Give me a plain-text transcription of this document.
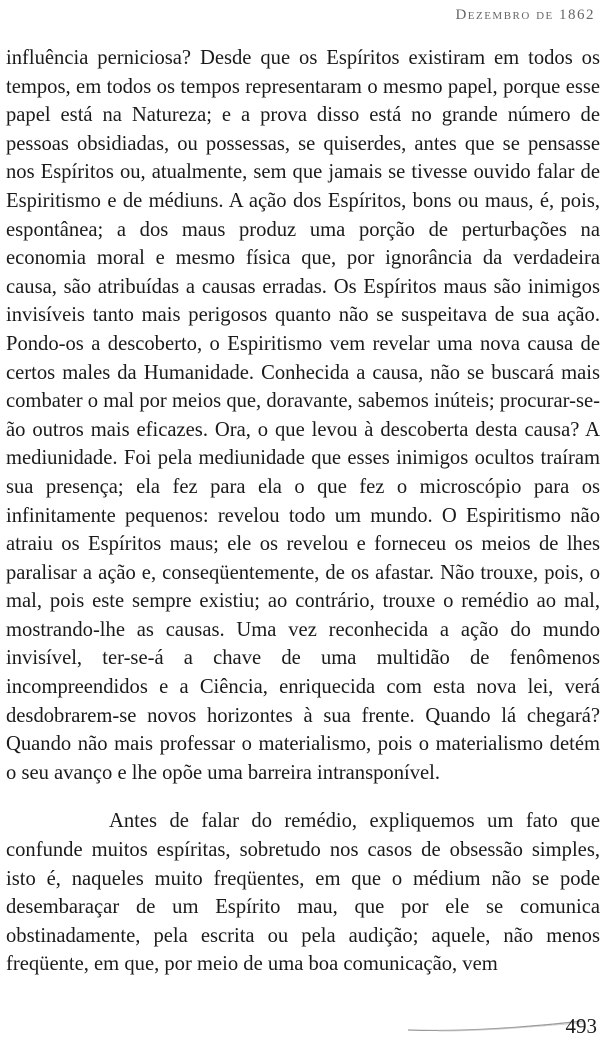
Dezembro de 1862

influência perniciosa? Desde que os Espíritos existiram em todos os tempos, em todos os tempos representaram o mesmo papel, porque esse papel está na Natureza; e a prova disso está no grande número de pessoas obsidiadas, ou possessas, se quiserdes, antes que se pensasse nos Espíritos ou, atualmente, sem que jamais se tivesse ouvido falar de Espiritismo e de médiuns. A ação dos Espíritos, bons ou maus, é, pois, espontânea; a dos maus produz uma porção de perturbações na economia moral e mesmo física que, por ignorância da verdadeira causa, são atribuídas a causas erradas. Os Espíritos maus são inimigos invisíveis tanto mais perigosos quanto não se suspeitava de sua ação. Pondo-os a descoberto, o Espiritismo vem revelar uma nova causa de certos males da Humanidade. Conhecida a causa, não se buscará mais combater o mal por meios que, doravante, sabemos inúteis; procurar-se-ão outros mais eficazes. Ora, o que levou à descoberta desta causa? A mediunidade. Foi pela mediunidade que esses inimigos ocultos traíram sua presença; ela fez para ela o que fez o microscópio para os infinitamente pequenos: revelou todo um mundo. O Espiritismo não atraiu os Espíritos maus; ele os revelou e forneceu os meios de lhes paralisar a ação e, conseqüentemente, de os afastar. Não trouxe, pois, o mal, pois este sempre existiu; ao contrário, trouxe o remédio ao mal, mostrando-lhe as causas. Uma vez reconhecida a ação do mundo invisível, ter-se-á a chave de uma multidão de fenômenos incompreendidos e a Ciência, enriquecida com esta nova lei, verá desdobrarem-se novos horizontes à sua frente. Quando lá chegará? Quando não mais professar o materialismo, pois o materialismo detém o seu avanço e lhe opõe uma barreira intransponível.

Antes de falar do remédio, expliquemos um fato que confunde muitos espíritas, sobretudo nos casos de obsessão simples, isto é, naqueles muito freqüentes, em que o médium não se pode desembaraçar de um Espírito mau, que por ele se comunica obstinadamente, pela escrita ou pela audição; aquele, não menos freqüente, em que, por meio de uma boa comunicação, vem

493
